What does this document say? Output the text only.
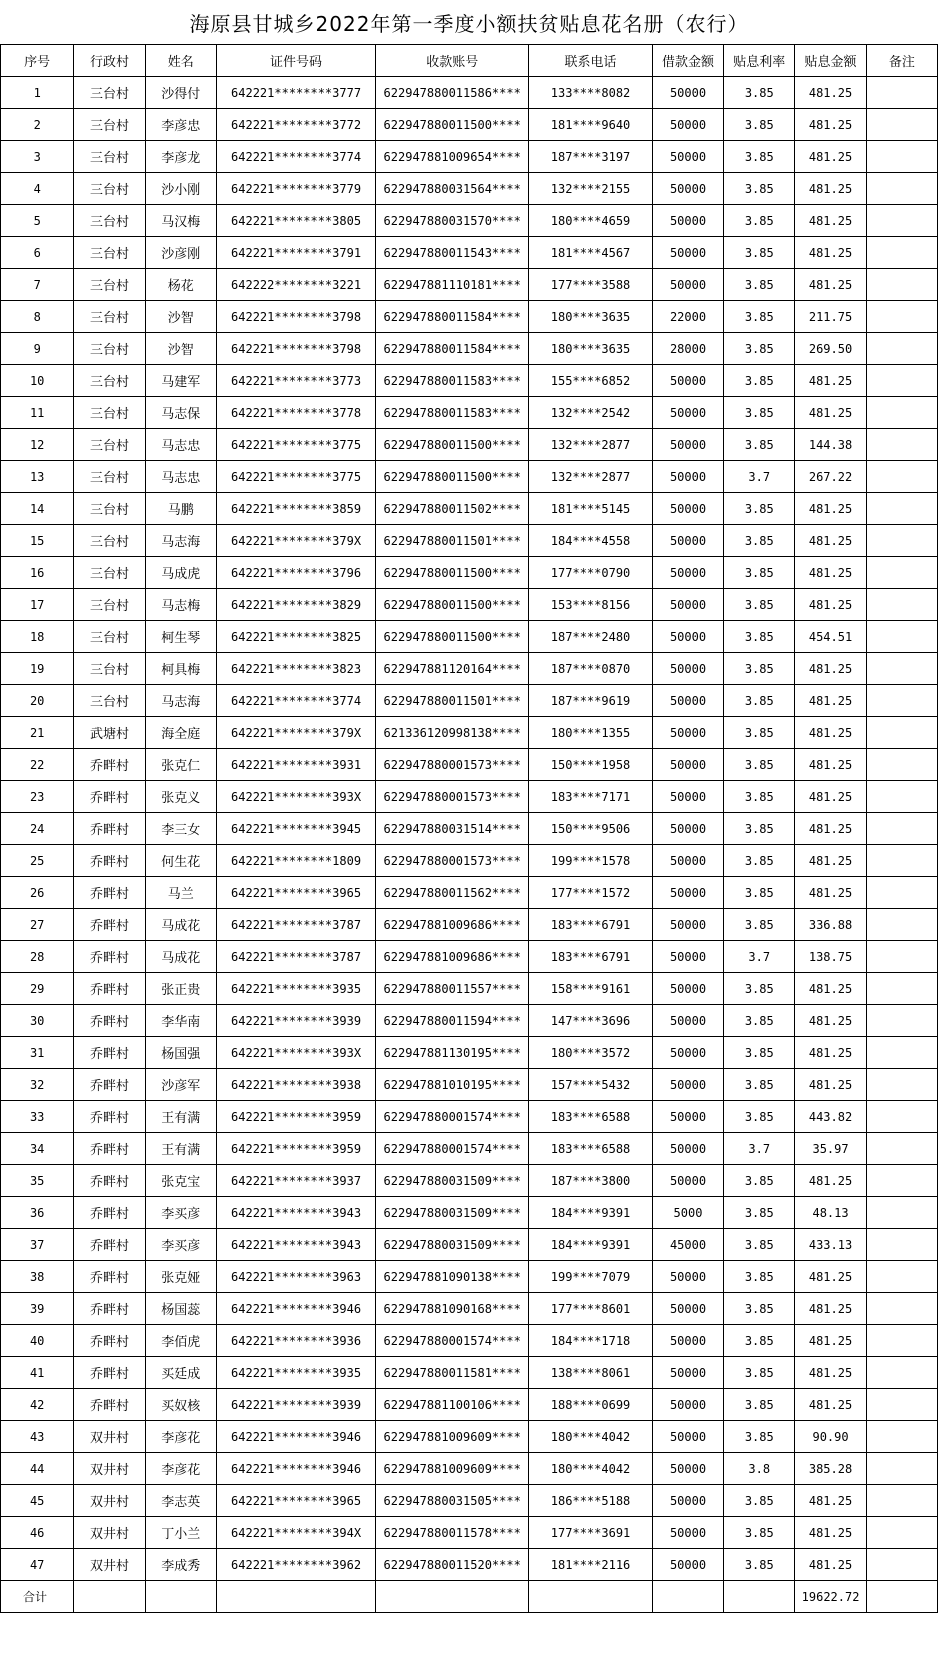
海原县甘城乡2022年第一季度小额扶贫贴息花名册（农行）
序号	行政村	姓名	证件号码	收款账号	联系电话	借款金额	贴息利率	贴息金额	备注
1	三台村	沙得付	642221********3777	622947880011586****	133****8082	50000	3.85	481.25	
2	三台村	李彦忠	642221********3772	622947880011500****	181****9640	50000	3.85	481.25	
3	三台村	李彦龙	642221********3774	622947881009654****	187****3197	50000	3.85	481.25	
4	三台村	沙小刚	642221********3779	622947880031564****	132****2155	50000	3.85	481.25	
5	三台村	马汉梅	642221********3805	622947880031570****	180****4659	50000	3.85	481.25	
6	三台村	沙彦刚	642221********3791	622947880011543****	181****4567	50000	3.85	481.25	
7	三台村	杨花	642222********3221	622947881110181****	177****3588	50000	3.85	481.25	
8	三台村	沙智	642221********3798	622947880011584****	180****3635	22000	3.85	211.75	
9	三台村	沙智	642221********3798	622947880011584****	180****3635	28000	3.85	269.50	
10	三台村	马建军	642221********3773	622947880011583****	155****6852	50000	3.85	481.25	
11	三台村	马志保	642221********3778	622947880011583****	132****2542	50000	3.85	481.25	
12	三台村	马志忠	642221********3775	622947880011500****	132****2877	50000	3.85	144.38	
13	三台村	马志忠	642221********3775	622947880011500****	132****2877	50000	3.7	267.22	
14	三台村	马鹏	642221********3859	622947880011502****	181****5145	50000	3.85	481.25	
15	三台村	马志海	642221********379X	622947880011501****	184****4558	50000	3.85	481.25	
16	三台村	马成虎	642221********3796	622947880011500****	177****0790	50000	3.85	481.25	
17	三台村	马志梅	642221********3829	622947880011500****	153****8156	50000	3.85	481.25	
18	三台村	柯生琴	642221********3825	622947880011500****	187****2480	50000	3.85	454.51	
19	三台村	柯具梅	642221********3823	622947881120164****	187****0870	50000	3.85	481.25	
20	三台村	马志海	642221********3774	622947880011501****	187****9619	50000	3.85	481.25	
21	武塘村	海全庭	642221********379X	621336120998138****	180****1355	50000	3.85	481.25	
22	乔畔村	张克仁	642221********3931	622947880001573****	150****1958	50000	3.85	481.25	
23	乔畔村	张克义	642221********393X	622947880001573****	183****7171	50000	3.85	481.25	
24	乔畔村	李三女	642221********3945	622947880031514****	150****9506	50000	3.85	481.25	
25	乔畔村	何生花	642221********1809	622947880001573****	199****1578	50000	3.85	481.25	
26	乔畔村	马兰	642221********3965	622947880011562****	177****1572	50000	3.85	481.25	
27	乔畔村	马成花	642221********3787	622947881009686****	183****6791	50000	3.85	336.88	
28	乔畔村	马成花	642221********3787	622947881009686****	183****6791	50000	3.7	138.75	
29	乔畔村	张正贵	642221********3935	622947880011557****	158****9161	50000	3.85	481.25	
30	乔畔村	李华南	642221********3939	622947880011594****	147****3696	50000	3.85	481.25	
31	乔畔村	杨国强	642221********393X	622947881130195****	180****3572	50000	3.85	481.25	
32	乔畔村	沙彦军	642221********3938	622947881010195****	157****5432	50000	3.85	481.25	
33	乔畔村	王有满	642221********3959	622947880001574****	183****6588	50000	3.85	443.82	
34	乔畔村	王有满	642221********3959	622947880001574****	183****6588	50000	3.7	35.97	
35	乔畔村	张克宝	642221********3937	622947880031509****	187****3800	50000	3.85	481.25	
36	乔畔村	李买彦	642221********3943	622947880031509****	184****9391	5000	3.85	48.13	
37	乔畔村	李买彦	642221********3943	622947880031509****	184****9391	45000	3.85	433.13	
38	乔畔村	张克娅	642221********3963	622947881090138****	199****7079	50000	3.85	481.25	
39	乔畔村	杨国蕊	642221********3946	622947881090168****	177****8601	50000	3.85	481.25	
40	乔畔村	李佰虎	642221********3936	622947880001574****	184****1718	50000	3.85	481.25	
41	乔畔村	买廷成	642221********3935	622947880011581****	138****8061	50000	3.85	481.25	
42	乔畔村	买奴核	642221********3939	622947881100106****	188****0699	50000	3.85	481.25	
43	双井村	李彦花	642221********3946	622947881009609****	180****4042	50000	3.85	90.90	
44	双井村	李彦花	642221********3946	622947881009609****	180****4042	50000	3.8	385.28	
45	双井村	李志英	642221********3965	622947880031505****	186****5188	50000	3.85	481.25	
46	双井村	丁小兰	642221********394X	622947880011578****	177****3691	50000	3.85	481.25	
47	双井村	李成秀	642221********3962	622947880011520****	181****2116	50000	3.85	481.25	
合计								19622.72	
